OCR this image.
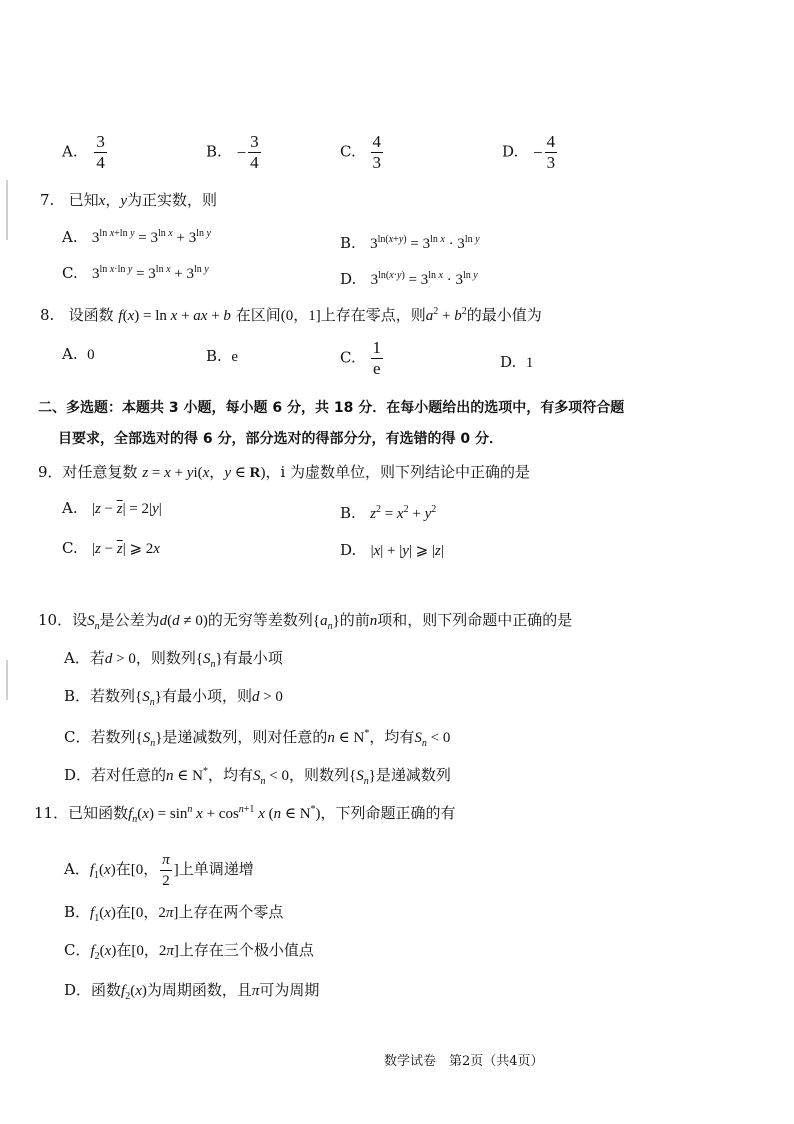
A. $\frac{3}{4}$	B. − $\frac{3}{4}$	C. $\frac{4}{3}$	D. − $\frac{4}{3}$
7. 已知x，y为正实数，则
A. $3^{ln x+ln y} = 3^{ln x} + 3^{ln y}$
B. $3^{ln(x+y)} = 3^{ln x} \cdot 3^{ln y}$
C. $3^{ln x\cdot ln y} = 3^{ln x} + 3^{ln y}$
D. $3^{ln(x\cdot y)} = 3^{ln x} \cdot 3^{ln y}$
8. 设函数 f(x) = ln x + ax + b 在区间(0，1]上存在零点，则$a^2 + b^2$的最小值为
A. 0	B. e	C. $\frac{1}{e}$	D. 1
二、多选题：本题共 3 小题，每小题 6 分，共 18 分．在每小题给出的选项中，有多项符合题
目要求，全部选对的得 6 分，部分选对的得部分分，有选错的得 0 分．
9．对任意复数 z = x + yi(x，y ∈ R)，i 为虚数单位，则下列结论中正确的是
A. $|z - \overline{z}| = 2|y|$	B. $z^2 = x^2 + y^2$
C. $|z - \overline{z}|$ ⩾ 2x	D. |x| + |y| ⩾ |z|
10．设$S_n$是公差为d(d ≠ 0)的无穷等差数列$\{a_n\}$的前n项和，则下列命题中正确的是
A．若d > 0，则数列$\{S_n\}$有最小项
B．若数列$\{S_n\}$有最小项，则d > 0
C．若数列$\{S_n\}$是递减数列，则对任意的n ∈ N*，均有$S_n < 0$
D．若对任意的n ∈ N*，均有$S_n < 0$，则数列$\{S_n\}$是递减数列
11．已知函数$f_n(x) = \sin^n x + \cos^{n+1} x$ (n ∈ N*)，下列命题正确的有
A．$f_1(x)$在[0， $\frac{\pi}{2}$ ]上单调递增
B．$f_1(x)$在[0，2π]上存在两个零点
C．$f_2(x)$在[0，2π]上存在三个极小值点
D．函数$f_2(x)$为周期函数，且π可为周期
数学试卷　第2页（共4页）
